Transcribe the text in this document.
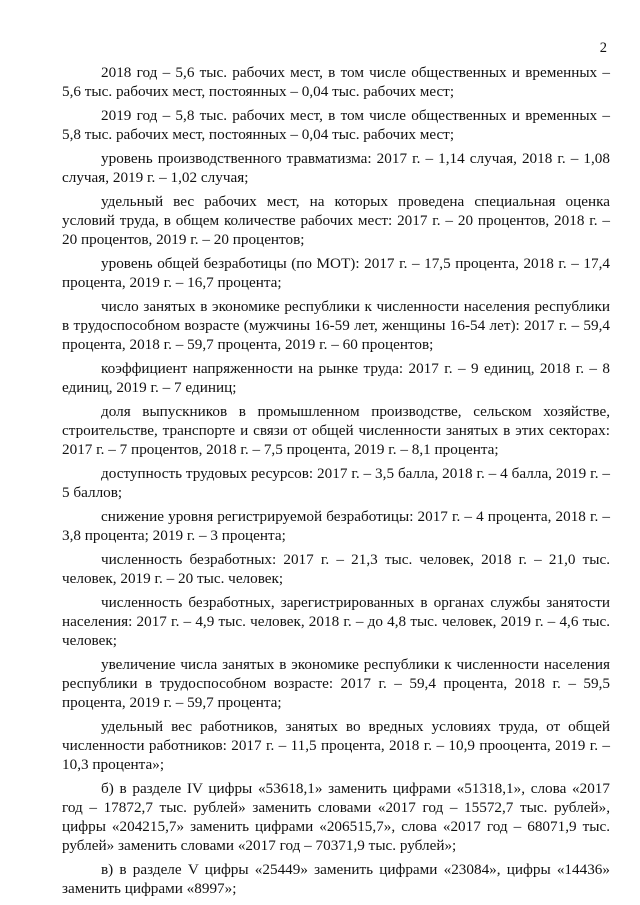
2

2018 год – 5,6 тыс. рабочих мест, в том числе общественных и временных – 5,6 тыс. рабочих мест, постоянных – 0,04 тыс. рабочих мест;

2019 год – 5,8 тыс. рабочих мест, в том числе общественных и временных – 5,8 тыс. рабочих мест, постоянных – 0,04 тыс. рабочих мест;

уровень производственного травматизма: 2017 г. – 1,14 случая, 2018 г. – 1,08 случая, 2019 г. – 1,02 случая;

удельный вес рабочих мест, на которых проведена специальная оценка условий труда, в общем количестве рабочих мест: 2017 г. – 20 процентов, 2018 г. – 20 процентов, 2019 г. – 20 процентов;

уровень общей безработицы (по МОТ): 2017 г. – 17,5 процента, 2018 г. – 17,4 процента, 2019 г. – 16,7 процента;

число занятых в экономике республики к численности населения республики в трудоспособном возрасте (мужчины 16-59 лет, женщины 16-54 лет): 2017 г. – 59,4 процента, 2018 г. – 59,7 процента, 2019 г. – 60 процентов;

коэффициент напряженности на рынке труда: 2017 г. – 9 единиц, 2018 г. – 8 единиц, 2019 г. – 7 единиц;

доля выпускников в промышленном производстве, сельском хозяйстве, строительстве, транспорте и связи от общей численности занятых в этих секторах: 2017 г. – 7 процентов, 2018 г. – 7,5 процента, 2019 г. – 8,1 процента;

доступность трудовых ресурсов: 2017 г. – 3,5 балла, 2018 г. – 4 балла, 2019 г. – 5 баллов;

снижение уровня регистрируемой безработицы: 2017 г. – 4 процента, 2018 г. – 3,8 процента; 2019 г. – 3 процента;

численность безработных: 2017 г. – 21,3 тыс. человек, 2018 г. – 21,0 тыс. человек, 2019 г. – 20 тыс. человек;

численность безработных, зарегистрированных в органах службы занятости населения: 2017 г. – 4,9 тыс. человек, 2018 г. – до 4,8 тыс. человек, 2019 г. – 4,6 тыс. человек;

увеличение числа занятых в экономике республики к численности населения республики в трудоспособном возрасте: 2017 г. – 59,4 процента, 2018 г. – 59,5 процента, 2019 г. – 59,7 процента;

удельный вес работников, занятых во вредных условиях труда, от общей численности работников: 2017 г. – 11,5 процента, 2018 г. – 10,9 проoцента, 2019 г. – 10,3 процента»;

б) в разделе IV цифры «53618,1» заменить цифрами «51318,1», слова «2017 год – 17872,7 тыс. рублей» заменить словами «2017 год – 15572,7 тыс. рублей», цифры «204215,7» заменить цифрами «206515,7», слова «2017 год – 68071,9 тыс. рублей» заменить словами «2017 год – 70371,9 тыс. рублей»;

в) в разделе V цифры «25449» заменить цифрами «23084», цифры «14436» заменить цифрами «8997»;
